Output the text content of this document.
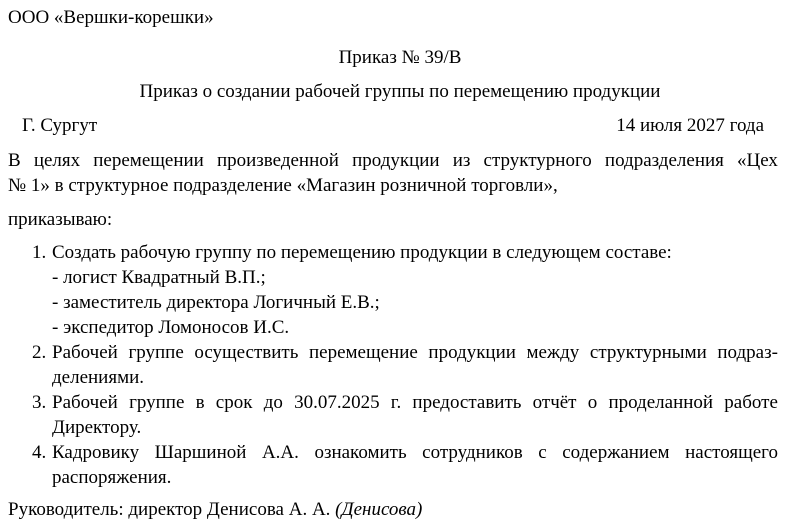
ООО «Вершки-корешки»
Приказ № 39/В
Приказ о создании рабочей группы по перемещению продукции
Г. Сургут	14 июля 2027 года
В целях перемещении произведенной продукции из структурного подразделения «Цех
№ 1» в структурное подразделение «Магазин розничной торговли»,
приказываю:
1. Создать рабочую группу по перемещению продукции в следующем составе:
- логист Квадратный В.П.;
- заместитель директора Логичный Е.В.;
- экспедитор Ломоносов И.С.
2. Рабочей группе осуществить перемещение продукции между структурными подраз-
делениями.
3. Рабочей группе в срок до 30.07.2025 г. предоставить отчёт о проделанной работе
Директору.
4. Кадровику Шаршиной А.А. ознакомить сотрудников с содержанием настоящего
распоряжения.
Руководитель: директор Денисова А. А. (Денисова)
